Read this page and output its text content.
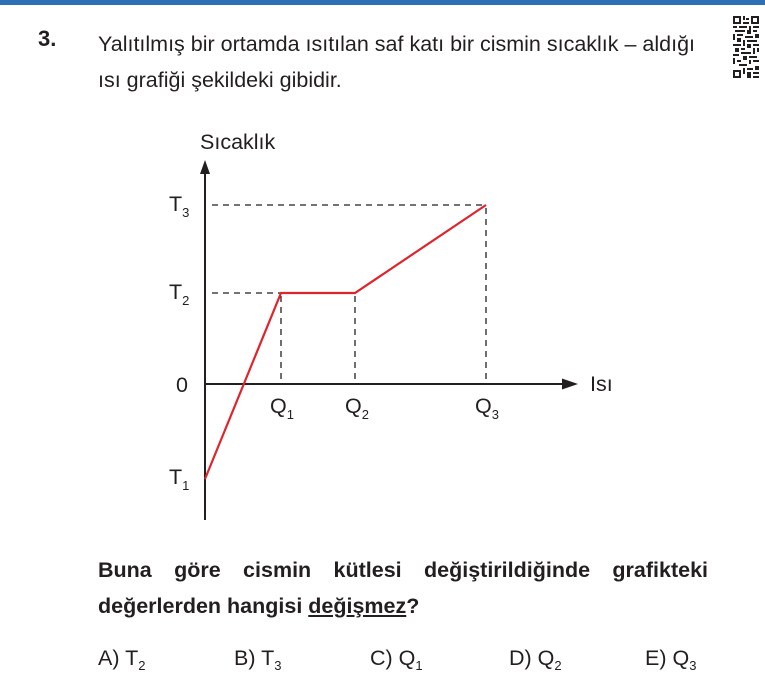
3. Yalıtılmış bir ortamda ısıtılan saf katı bir cismin sıcaklık – aldığı ısı grafiği şekildeki gibidir.
Sıcaklık
Isı
$T_3$
$T_2$
0
$T_1$
$Q_1$ $Q_2$	$Q_3$
Buna göre cismin kütlesi değiştirildiğinde grafikteki değerlerden hangisi değişmez?
A) $T_2$	B) $T_3$	C) $Q_1$	D) $Q_2$	E) $Q_3$
